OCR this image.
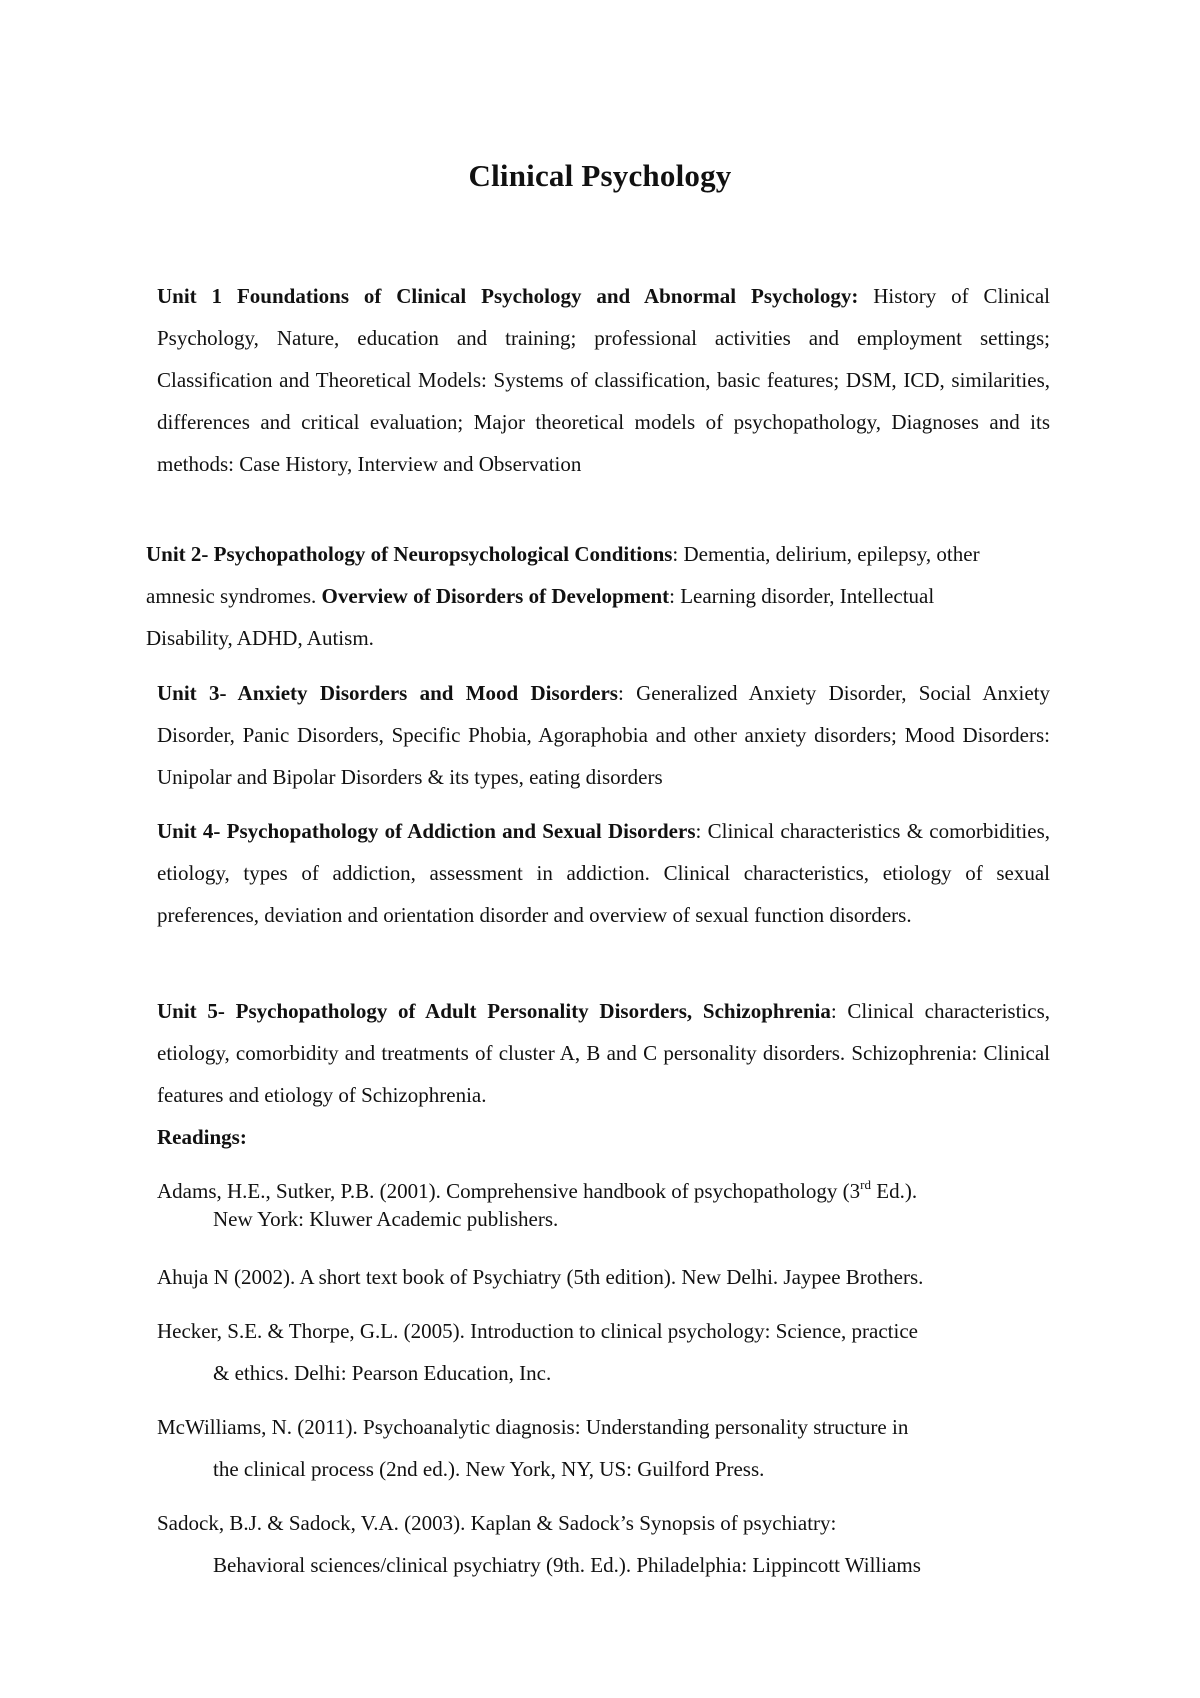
Clinical Psychology

Unit 1 Foundations of Clinical Psychology and Abnormal Psychology: History of Clinical Psychology, Nature, education and training; professional activities and employment settings; Classification and Theoretical Models: Systems of classification, basic features; DSM, ICD, similarities, differences and critical evaluation; Major theoretical models of psychopathology, Diagnoses and its methods: Case History, Interview and Observation

Unit 2- Psychopathology of Neuropsychological Conditions: Dementia, delirium, epilepsy, other amnesic syndromes. Overview of Disorders of Development: Learning disorder, Intellectual Disability, ADHD, Autism.

Unit 3- Anxiety Disorders and Mood Disorders: Generalized Anxiety Disorder, Social Anxiety Disorder, Panic Disorders, Specific Phobia, Agoraphobia and other anxiety disorders; Mood Disorders: Unipolar and Bipolar Disorders & its types, eating disorders

Unit 4- Psychopathology of Addiction and Sexual Disorders: Clinical characteristics & comorbidities, etiology, types of addiction, assessment in addiction. Clinical characteristics, etiology of sexual preferences, deviation and orientation disorder and overview of sexual function disorders.

Unit 5- Psychopathology of Adult Personality Disorders, Schizophrenia: Clinical characteristics, etiology, comorbidity and treatments of cluster A, B and C personality disorders. Schizophrenia: Clinical features and etiology of Schizophrenia.

Readings:
Adams, H.E., Sutker, P.B. (2001). Comprehensive handbook of psychopathology (3rd Ed.).
New York: Kluwer Academic publishers.
Ahuja N (2002). A short text book of Psychiatry (5th edition). New Delhi. Jaypee Brothers.
Hecker, S.E. & Thorpe, G.L. (2005). Introduction to clinical psychology: Science, practice
& ethics. Delhi: Pearson Education, Inc.
McWilliams, N. (2011). Psychoanalytic diagnosis: Understanding personality structure in
the clinical process (2nd ed.). New York, NY, US: Guilford Press.
Sadock, B.J. & Sadock, V.A. (2003). Kaplan & Sadock’s Synopsis of psychiatry:
Behavioral sciences/clinical psychiatry (9th. Ed.). Philadelphia: Lippincott Williams
